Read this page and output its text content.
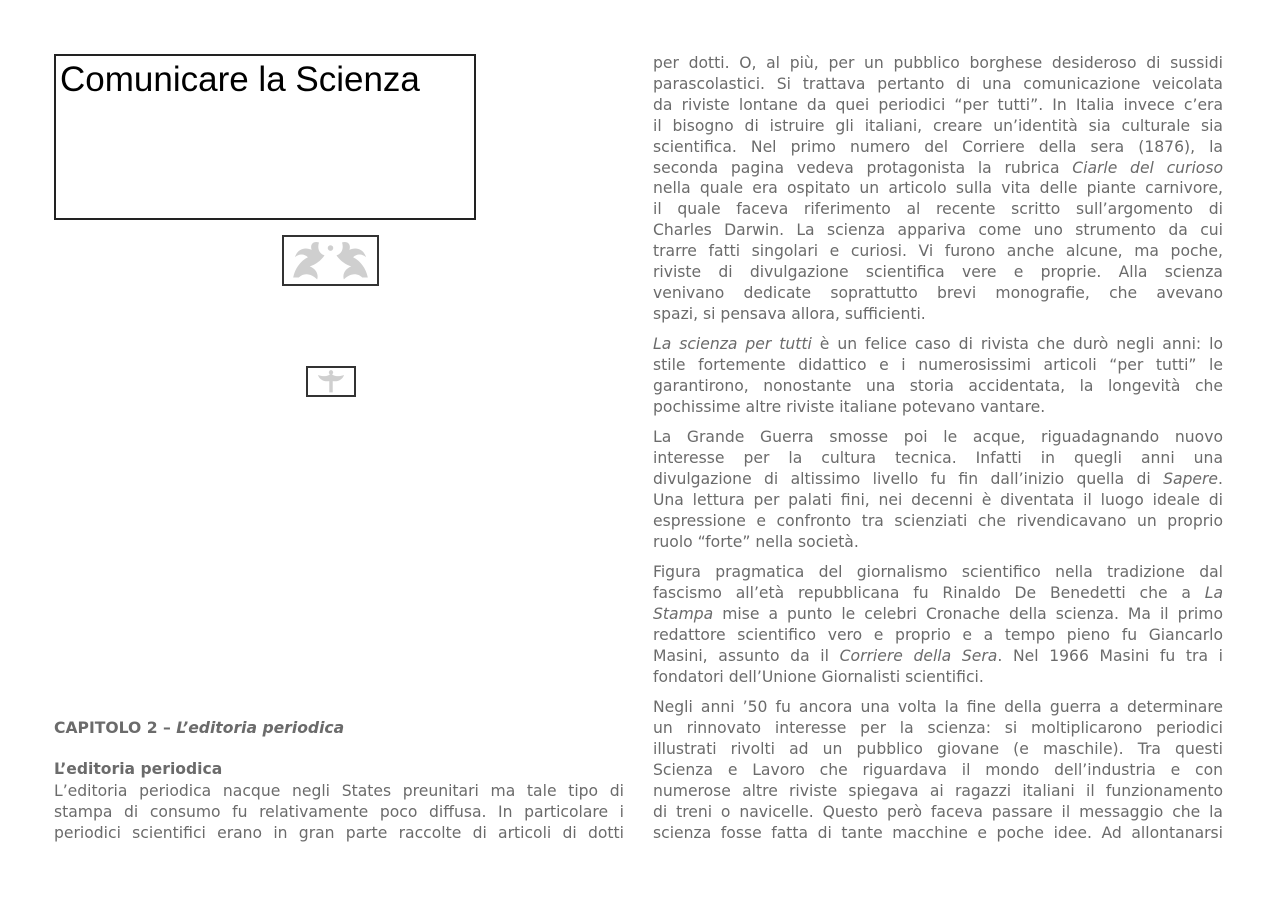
Comunicare la Scienza
CAPITOLO 2 – L’editoria periodica
L’editoria periodica

L’editoria periodica nacque negli States preunitari ma tale tipo di
stampa di consumo fu relativamente poco diffusa. In particolare i
periodici scientifici erano in gran parte raccolte di articoli di dotti

per dotti. O, al più, per un pubblico borghese desideroso di sussidi
parascolastici. Si trattava pertanto di una comunicazione veicolata
da riviste lontane da quei periodici “per tutti”. In Italia invece c’era
il bisogno di istruire gli italiani, creare un’identità sia culturale sia
scientifica. Nel primo numero del Corriere della sera (1876), la
seconda pagina vedeva protagonista la rubrica Ciarle del curioso
nella quale era ospitato un articolo sulla vita delle piante carnivore,
il quale faceva riferimento al recente scritto sull’argomento di
Charles Darwin. La scienza appariva come uno strumento da cui
trarre fatti singolari e curiosi. Vi furono anche alcune, ma poche,
riviste di divulgazione scientifica vere e proprie. Alla scienza
venivano dedicate soprattutto brevi monografie, che avevano
spazi, si pensava allora, sufficienti.

La scienza per tutti è un felice caso di rivista che durò negli anni: lo
stile fortemente didattico e i numerosissimi articoli “per tutti” le
garantirono, nonostante una storia accidentata, la longevità che
pochissime altre riviste italiane potevano vantare.

La Grande Guerra smosse poi le acque, riguadagnando nuovo
interesse per la cultura tecnica. Infatti in quegli anni una
divulgazione di altissimo livello fu fin dall’inizio quella di Sapere.
Una lettura per palati fini, nei decenni è diventata il luogo ideale di
espressione e confronto tra scienziati che rivendicavano un proprio
ruolo “forte” nella società.

Figura pragmatica del giornalismo scientifico nella tradizione dal
fascismo all’età repubblicana fu Rinaldo De Benedetti che a La
Stampa mise a punto le celebri Cronache della scienza. Ma il primo
redattore scientifico vero e proprio e a tempo pieno fu Giancarlo
Masini, assunto da il Corriere della Sera. Nel 1966 Masini fu tra i
fondatori dell’Unione Giornalisti scientifici.

Negli anni ’50 fu ancora una volta la fine della guerra a determinare
un rinnovato interesse per la scienza: si moltiplicarono periodici
illustrati rivolti ad un pubblico giovane (e maschile). Tra questi
Scienza e Lavoro che riguardava il mondo dell’industria e con
numerose altre riviste spiegava ai ragazzi italiani il funzionamento
di treni o navicelle. Questo però faceva passare il messaggio che la
scienza fosse fatta di tante macchine e poche idee. Ad allontanarsi
